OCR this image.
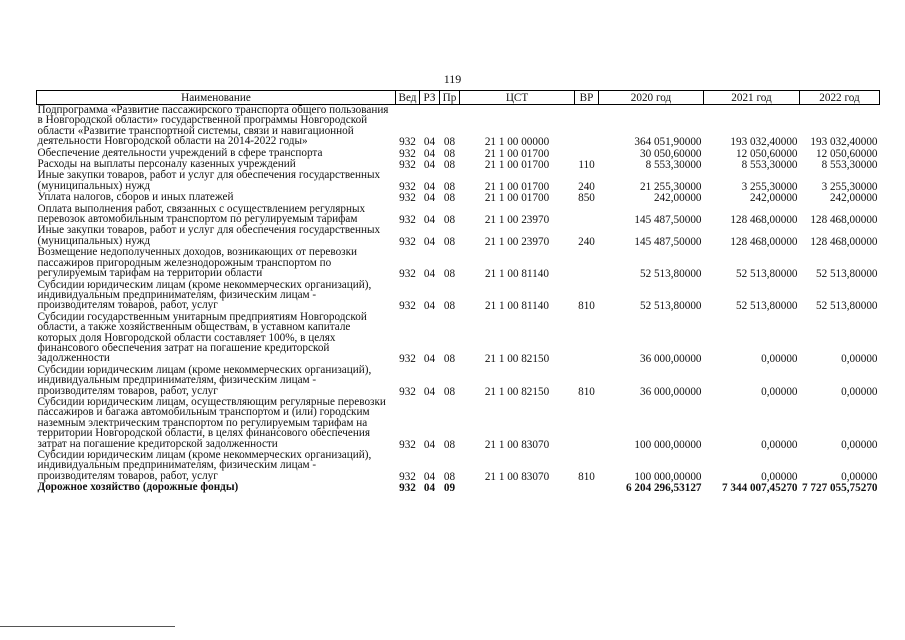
119
Наименование	Вед	РЗ	Пр	ЦСТ	ВР	2020 год	2021 год	2022 год
Подпрограмма «Развитие пассажирского транспорта общего пользования в Новгородской области» государственной программы Новгородской области «Развитие транспортной системы, связи и навигационной деятельности Новгородской области на 2014-2022 годы»	932	04	08	21 1 00 00000		364 051,90000	193 032,40000	193 032,40000
Обеспечение деятельности учреждений в сфере транспорта	932	04	08	21 1 00 01700		30 050,60000	12 050,60000	12 050,60000
Расходы на выплаты персоналу казенных учреждений	932	04	08	21 1 00 01700	110	8 553,30000	8 553,30000	8 553,30000
Иные закупки товаров, работ и услуг для обеспечения государственных (муниципальных) нужд	932	04	08	21 1 00 01700	240	21 255,30000	3 255,30000	3 255,30000
Уплата налогов, сборов и иных платежей	932	04	08	21 1 00 01700	850	242,00000	242,00000	242,00000
Оплата выполнения работ, связанных с осуществлением регулярных перевозок автомобильным транспортом по регулируемым тарифам	932	04	08	21 1 00 23970		145 487,50000	128 468,00000	128 468,00000
Иные закупки товаров, работ и услуг для обеспечения государственных (муниципальных) нужд	932	04	08	21 1 00 23970	240	145 487,50000	128 468,00000	128 468,00000
Возмещение недополученных доходов, возникающих от перевозки пассажиров пригородным железнодорожным транспортом по регулируемым тарифам на территории области	932	04	08	21 1 00 81140		52 513,80000	52 513,80000	52 513,80000
Субсидии юридическим лицам (кроме некоммерческих организаций), индивидуальным предпринимателям, физическим лицам - производителям товаров, работ, услуг	932	04	08	21 1 00 81140	810	52 513,80000	52 513,80000	52 513,80000
Субсидии государственным унитарным предприятиям Новгородской области, а также хозяйственным обществам, в уставном капитале которых доля Новгородской области составляет 100%, в целях финансового обеспечения затрат на погашение кредиторской задолженности	932	04	08	21 1 00 82150		36 000,00000	0,00000	0,00000
Субсидии юридическим лицам (кроме некоммерческих организаций), индивидуальным предпринимателям, физическим лицам - производителям товаров, работ, услуг	932	04	08	21 1 00 82150	810	36 000,00000	0,00000	0,00000
Субсидии юридическим лицам, осуществляющим регулярные перевозки пассажиров и багажа автомобильным транспортом и (или) городским наземным электрическим транспортом по регулируемым тарифам на территории Новгородской области, в целях финансового обеспечения затрат на погашение кредиторской задолженности	932	04	08	21 1 00 83070		100 000,00000	0,00000	0,00000
Субсидии юридическим лицам (кроме некоммерческих организаций), индивидуальным предпринимателям, физическим лицам - производителям товаров, работ, услуг	932	04	08	21 1 00 83070	810	100 000,00000	0,00000	0,00000
Дорожное хозяйство (дорожные фонды)	932	04	09			6 204 296,53127	7 344 007,45270	7 727 055,75270
